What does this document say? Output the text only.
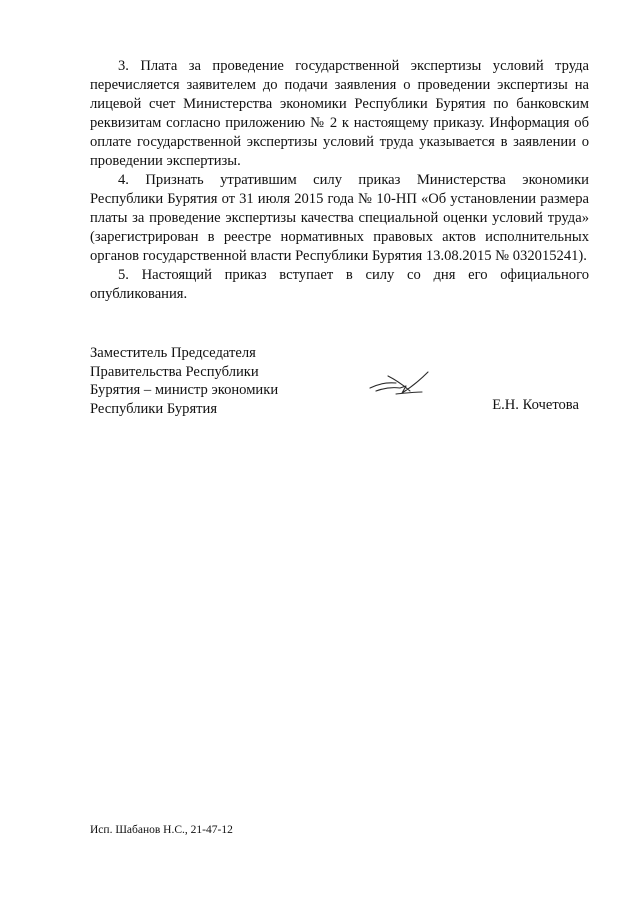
3. Плата за проведение государственной экспертизы условий труда перечисляется заявителем до подачи заявления о проведении экспертизы на лицевой счет Министерства экономики Республики Бурятия по банковским реквизитам согласно приложению № 2 к настоящему приказу. Информация об оплате государственной экспертизы условий труда указывается в заявлении о проведении экспертизы.

4. Признать утратившим силу приказ Министерства экономики Республики Бурятия от 31 июля 2015 года № 10-НП «Об установлении размера платы за проведение экспертизы качества специальной оценки условий труда» (зарегистрирован в реестре нормативных правовых актов исполнительных органов государственной власти Республики Бурятия 13.08.2015 № 032015241).

5. Настоящий приказ вступает в силу со дня его официального опубликования.

Заместитель Председателя
Правительства Республики
Бурятия – министр экономики
Республики Бурятия	Е.Н. Кочетова
Исп. Шабанов Н.С., 21-47-12
